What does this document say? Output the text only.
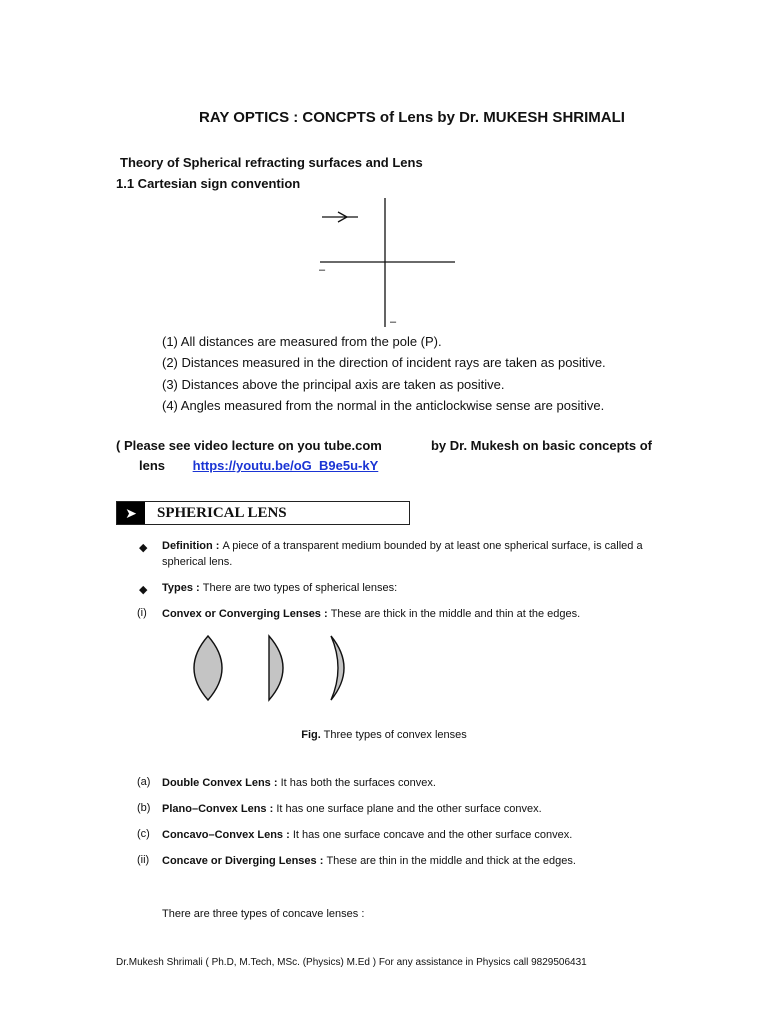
RAY OPTICS : CONCPTS of Lens by Dr. MUKESH SHRIMALI
Theory of Spherical refracting surfaces and Lens
1.1 Cartesian sign convention
–
–
(1) All distances are measured from the pole (P).
(2) Distances measured in the direction of incident rays are taken as positive.
(3) Distances above the principal axis are taken as positive.
(4) Angles measured from the normal in the anticlockwise sense are positive.
( Please see video lecture on you tube.com	by Dr. Mukesh on basic concepts of
lens https://youtu.be/oG_B9e5u-kY
➤	SPHERICAL LENS
◆ Definition : A piece of a transparent medium bounded by at least one spherical surface, is called a spherical lens.
◆ Types : There are two types of spherical lenses:
(i) Convex or Converging Lenses : These are thick in the middle and thin at the edges.
Fig. Three types of convex lenses
(a) Double Convex Lens : It has both the surfaces convex.
(b) Plano–Convex Lens : It has one surface plane and the other surface convex.
(c) Concavo–Convex Lens : It has one surface concave and the other surface convex.
(ii) Concave or Diverging Lenses : These are thin in the middle and thick at the edges.
There are three types of concave lenses :
Dr.Mukesh Shrimali ( Ph.D, M.Tech, MSc. (Physics) M.Ed ) For any assistance in Physics call 9829506431
